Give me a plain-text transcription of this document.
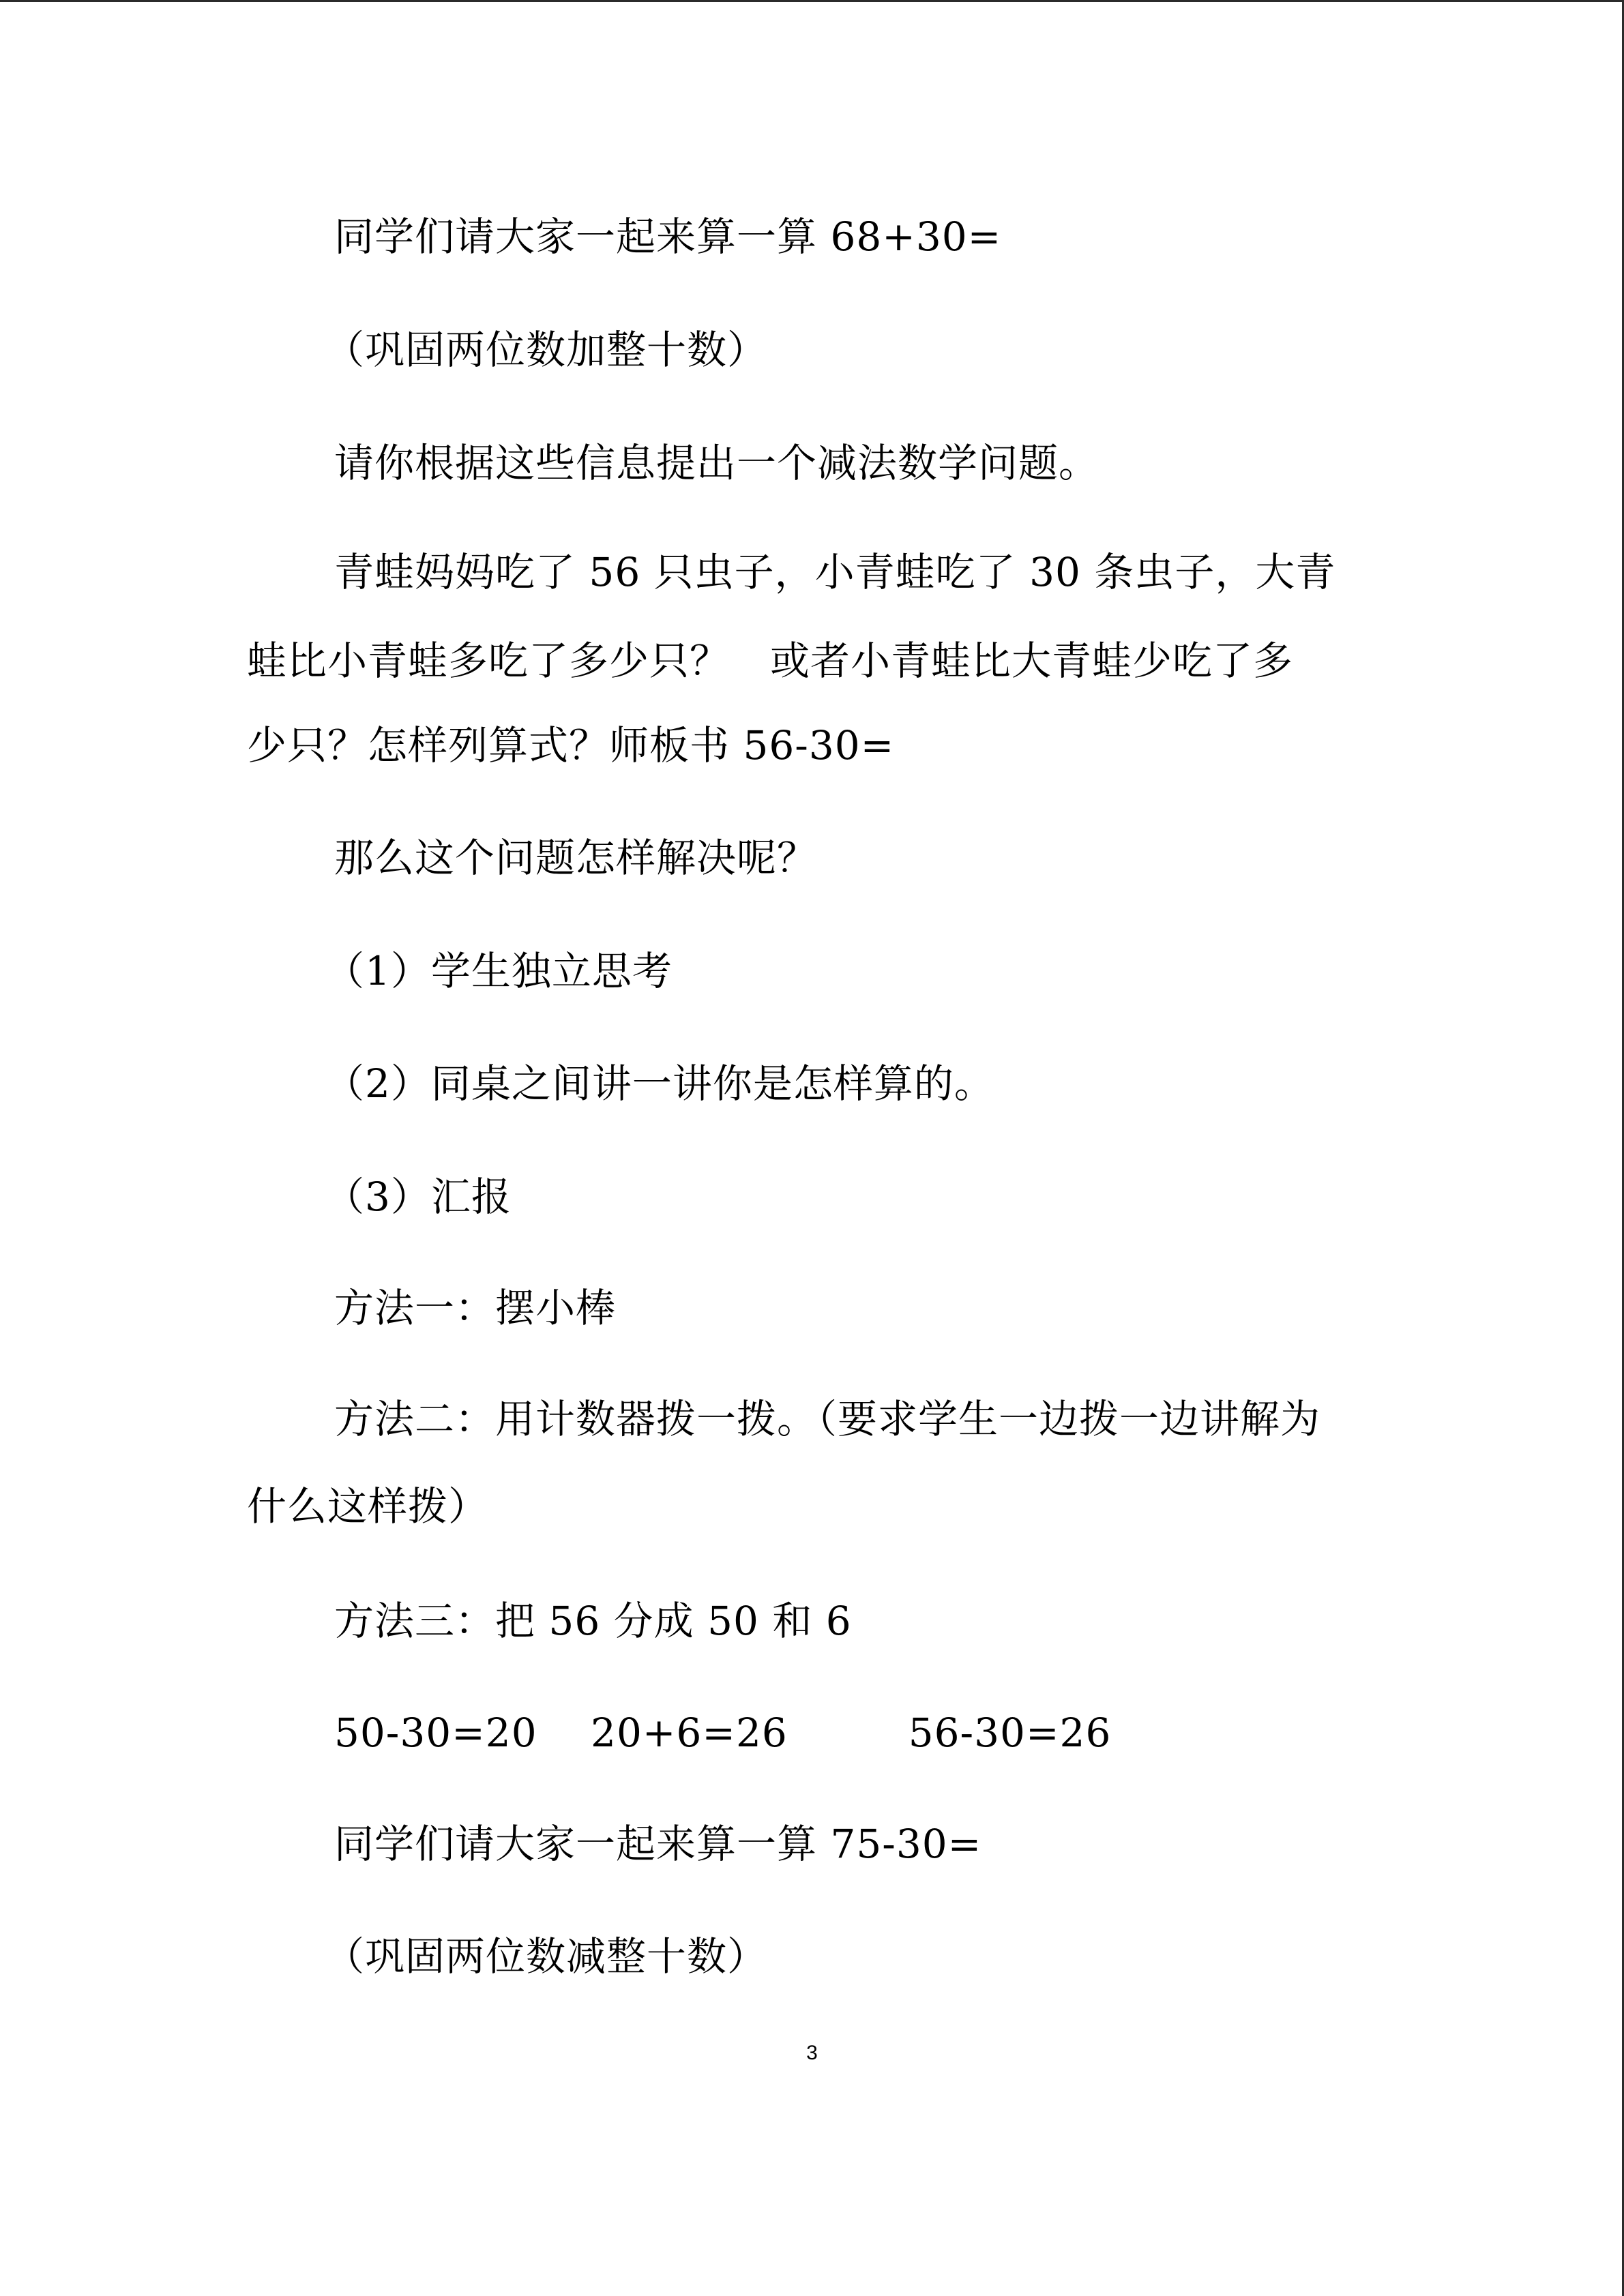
同学们请大家一起来算一算 68+30=

（巩固两位数加整十数）

请你根据这些信息提出一个减法数学问题。

青蛙妈妈吃了 56 只虫子，小青蛙吃了 30 条虫子，大青

蛙比小青蛙多吃了多少只？　或者小青蛙比大青蛙少吃了多

少只？怎样列算式？师板书 56-30=

那么这个问题怎样解决呢？

（1）学生独立思考

（2）同桌之间讲一讲你是怎样算的。

（3）汇报

方法一：摆小棒

方法二：用计数器拨一拨。（要求学生一边拨一边讲解为

什么这样拨）

方法三：把 56 分成 50 和 6

50-30=20　 20+6=26　　　56-30=26

同学们请大家一起来算一算 75-30=

（巩固两位数减整十数）

3
